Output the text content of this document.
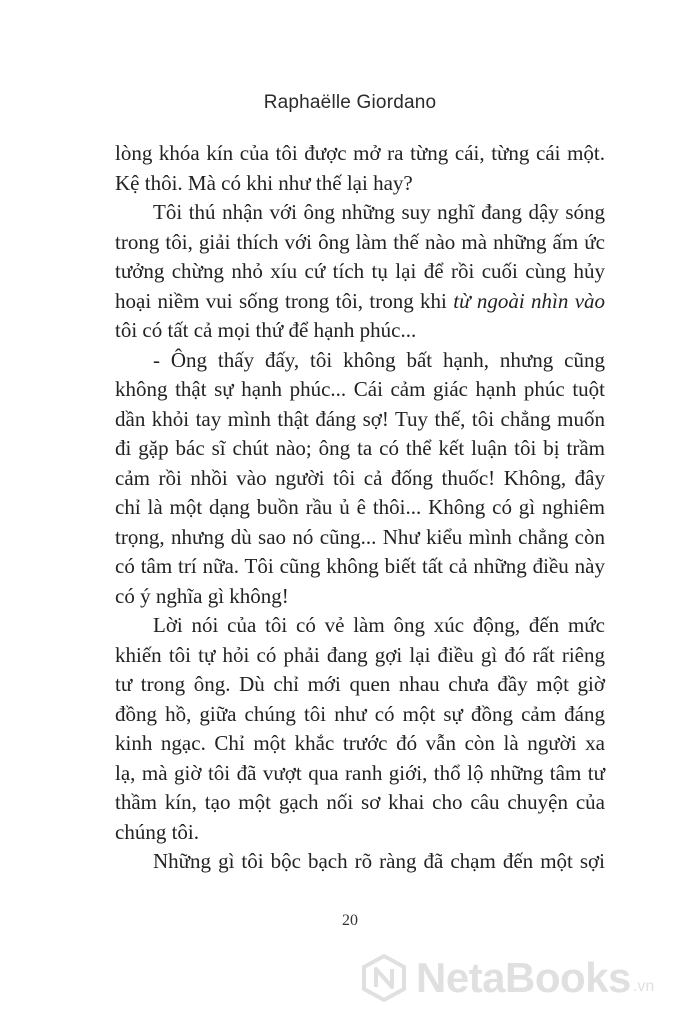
Raphaëlle Giordano
lòng khóa kín của tôi được mở ra từng cái, từng cái một.
Kệ thôi. Mà có khi như thế lại hay?
Tôi thú nhận với ông những suy nghĩ đang dậy sóng
trong tôi, giải thích với ông làm thế nào mà những ấm ức
tưởng chừng nhỏ xíu cứ tích tụ lại để rồi cuối cùng hủy
hoại niềm vui sống trong tôi, trong khi từ ngoài nhìn vào
tôi có tất cả mọi thứ để hạnh phúc...
- Ông thấy đấy, tôi không bất hạnh, nhưng cũng
không thật sự hạnh phúc... Cái cảm giác hạnh phúc tuột
dần khỏi tay mình thật đáng sợ! Tuy thế, tôi chẳng muốn
đi gặp bác sĩ chút nào; ông ta có thể kết luận tôi bị trầm
cảm rồi nhồi vào người tôi cả đống thuốc! Không, đây
chỉ là một dạng buồn rầu ủ ê thôi... Không có gì nghiêm
trọng, nhưng dù sao nó cũng... Như kiểu mình chẳng còn
có tâm trí nữa. Tôi cũng không biết tất cả những điều này
có ý nghĩa gì không!
Lời nói của tôi có vẻ làm ông xúc động, đến mức
khiến tôi tự hỏi có phải đang gợi lại điều gì đó rất riêng
tư trong ông. Dù chỉ mới quen nhau chưa đầy một giờ
đồng hồ, giữa chúng tôi như có một sự đồng cảm đáng
kinh ngạc. Chỉ một khắc trước đó vẫn còn là người xa
lạ, mà giờ tôi đã vượt qua ranh giới, thổ lộ những tâm tư
thầm kín, tạo một gạch nối sơ khai cho câu chuyện của
chúng tôi.
Những gì tôi bộc bạch rõ ràng đã chạm đến một sợi
20
NetaBooks .vn
